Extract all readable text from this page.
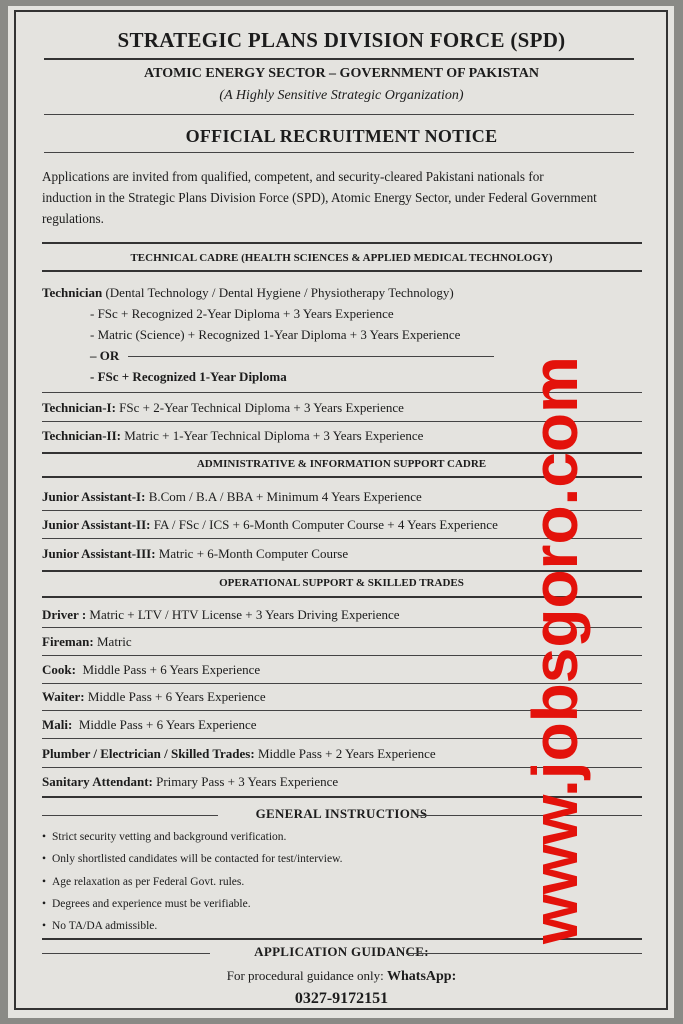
STRATEGIC PLANS DIVISION FORCE (SPD)
ATOMIC ENERGY SECTOR – GOVERNMENT OF PAKISTAN
(A Highly Sensitive Strategic Organization)
OFFICIAL RECRUITMENT NOTICE
Applications are invited from qualified, competent, and security-cleared Pakistani nationals for
induction in the Strategic Plans Division Force (SPD), Atomic Energy Sector, under Federal Government
regulations.
TECHNICAL CADRE (HEALTH SCIENCES & APPLIED MEDICAL TECHNOLOGY)
Technician (Dental Technology / Dental Hygiene / Physiotherapy Technology)
- FSc + Recognized 2-Year Diploma + 3 Years Experience
- Matric (Science) + Recognized 1-Year Diploma + 3 Years Experience
– OR
- FSc + Recognized 1-Year Diploma
Technician-I: FSc + 2-Year Technical Diploma + 3 Years Experience
Technician-II: Matric + 1-Year Technical Diploma + 3 Years Experience
ADMINISTRATIVE & INFORMATION SUPPORT CADRE
Junior Assistant-I: B.Com / B.A / BBA + Minimum 4 Years Experience
Junior Assistant-II: FA / FSc / ICS + 6-Month Computer Course + 4 Years Experience
Junior Assistant-III: Matric + 6-Month Computer Course
OPERATIONAL SUPPORT & SKILLED TRADES
Driver : Matric + LTV / HTV License + 3 Years Driving Experience
Fireman: Matric
Cook: Middle Pass + 6 Years Experience
Waiter: Middle Pass + 6 Years Experience
Mali: Middle Pass + 6 Years Experience
Plumber / Electrician / Skilled Trades: Middle Pass + 2 Years Experience
Sanitary Attendant: Primary Pass + 3 Years Experience
GENERAL INSTRUCTIONS
• Strict security vetting and background verification.
• Only shortlisted candidates will be contacted for test/interview.
• Age relaxation as per Federal Govt. rules.
• Degrees and experience must be verifiable.
• No TA/DA admissible.
APPLICATION GUIDANCE:
For procedural guidance only: WhatsApp:
0327-9172151
www.jobsgoro.com
